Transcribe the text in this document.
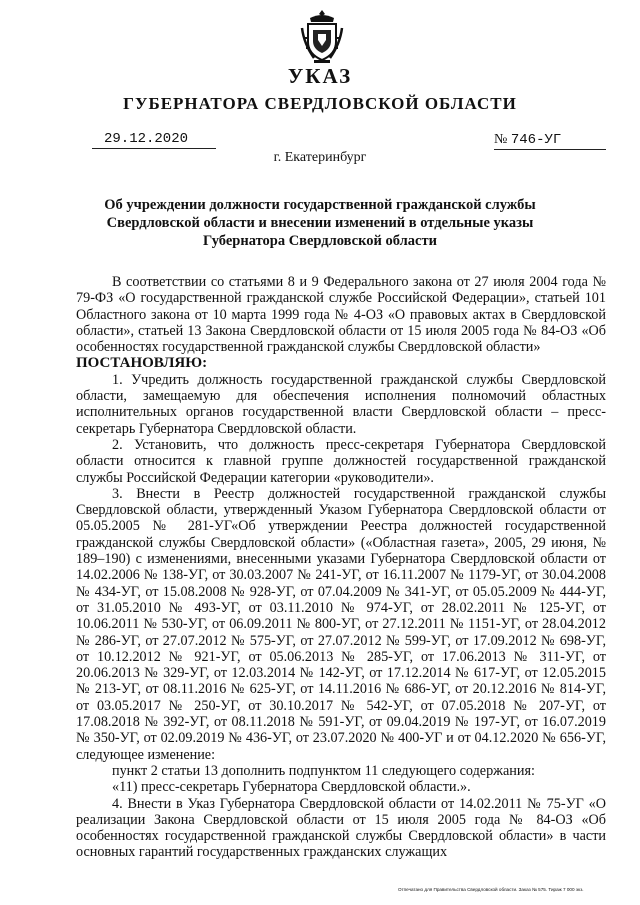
УКАЗ
ГУБЕРНАТОРА СВЕРДЛОВСКОЙ ОБЛАСТИ
29.12.2020	№ 746-УГ
г. Екатеринбург
Об учреждении должности государственной гражданской службы
Свердловской области и внесении изменений в отдельные указы
Губернатора Свердловской области

В соответствии со статьями 8 и 9 Федерального закона от 27 июля 2004 года № 79-ФЗ «О государственной гражданской службе Российской Федерации», статьей 101 Областного закона от 10 марта 1999 года № 4-ОЗ «О правовых актах в Свердловской области», статьей 13 Закона Свердловской области от 15 июля 2005 года № 84-ОЗ «Об особенностях государственной гражданской службы Свердловской области»

ПОСТАНОВЛЯЮ:

1. Учредить должность государственной гражданской службы Свердловской области, замещаемую для обеспечения исполнения полномочий областных исполнительных органов государственной власти Свердловской области – пресс-секретарь Губернатора Свердловской области.

2. Установить, что должность пресс-секретаря Губернатора Свердловской области относится к главной группе должностей государственной гражданской службы Российской Федерации категории «руководители».

3. Внести в Реестр должностей государственной гражданской службы Свердловской области, утвержденный Указом Губернатора Свердловской области от 05.05.2005 № 281-УГ«Об утверждении Реестра должностей государственной гражданской службы Свердловской области» («Областная газета», 2005, 29 июня, № 189–190) с изменениями, внесенными указами Губернатора Свердловской области от 14.02.2006 № 138-УГ, от 30.03.2007 № 241-УГ, от 16.11.2007 № 1179-УГ, от 30.04.2008 № 434-УГ, от 15.08.2008 № 928-УГ, от 07.04.2009 № 341-УГ, от 05.05.2009 № 444-УГ, от 31.05.2010 № 493-УГ, от 03.11.2010 № 974-УГ, от 28.02.2011 № 125-УГ, от 10.06.2011 № 530-УГ, от 06.09.2011 № 800-УГ, от 27.12.2011 № 1151-УГ, от 28.04.2012 № 286-УГ, от 27.07.2012 № 575-УГ, от 27.07.2012 № 599-УГ, от 17.09.2012 № 698-УГ, от 10.12.2012 № 921-УГ, от 05.06.2013 № 285-УГ, от 17.06.2013 № 311-УГ, от 20.06.2013 № 329-УГ, от 12.03.2014 № 142-УГ, от 17.12.2014 № 617-УГ, от 12.05.2015 № 213-УГ, от 08.11.2016 № 625-УГ, от 14.11.2016 № 686-УГ, от 20.12.2016 № 814-УГ, от 03.05.2017 № 250-УГ, от 30.10.2017 № 542-УГ, от 07.05.2018 № 207-УГ, от 17.08.2018 № 392-УГ, от 08.11.2018 № 591-УГ, от 09.04.2019 № 197-УГ, от 16.07.2019 № 350-УГ, от 02.09.2019 № 436-УГ, от 23.07.2020 № 400-УГ и от 04.12.2020 № 656-УГ, следующее изменение:

пункт 2 статьи 13 дополнить подпунктом 11 следующего содержания:

«11) пресс-секретарь Губернатора Свердловской области.».

4. Внести в Указ Губернатора Свердловской области от 14.02.2011 № 75-УГ «О реализации Закона Свердловской области от 15 июля 2005 года № 84-ОЗ «Об особенностях государственной гражданской службы Свердловской области» в части основных гарантий государственных гражданских служащих

Отпечатано для Правительства Свердловской области. Заказ № 575. Тираж 7 000 экз.
